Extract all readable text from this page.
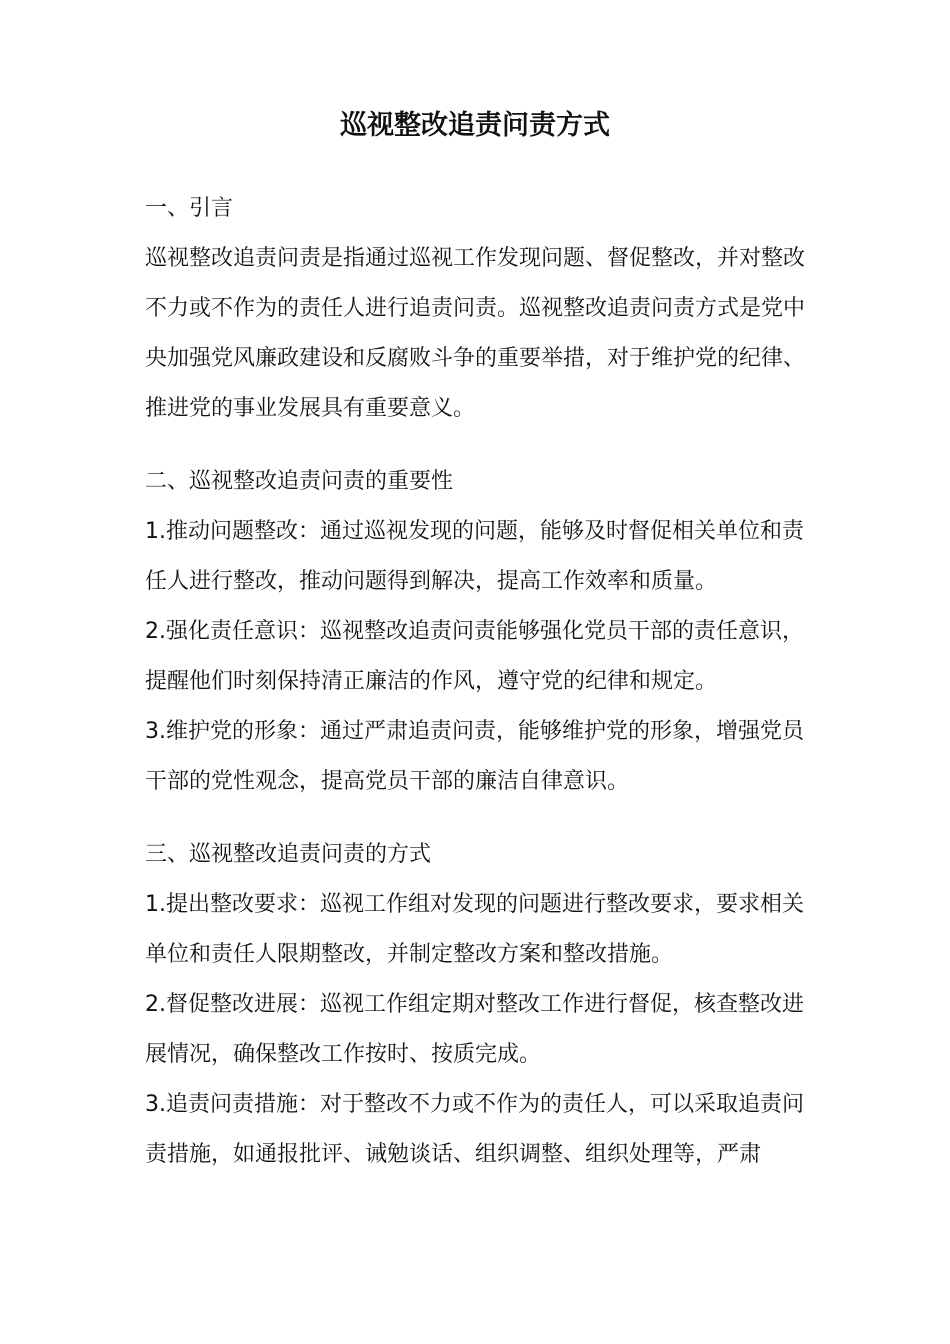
巡视整改追责问责方式

一、引言

巡视整改追责问责是指通过巡视工作发现问题、督促整改，并对整改不力或不作为的责任人进行追责问责。巡视整改追责问责方式是党中央加强党风廉政建设和反腐败斗争的重要举措，对于维护党的纪律、推进党的事业发展具有重要意义。

二、巡视整改追责问责的重要性

1.推动问题整改：通过巡视发现的问题，能够及时督促相关单位和责任人进行整改，推动问题得到解决，提高工作效率和质量。

2.强化责任意识：巡视整改追责问责能够强化党员干部的责任意识，提醒他们时刻保持清正廉洁的作风，遵守党的纪律和规定。

3.维护党的形象：通过严肃追责问责，能够维护党的形象，增强党员干部的党性观念，提高党员干部的廉洁自律意识。

三、巡视整改追责问责的方式

1.提出整改要求：巡视工作组对发现的问题进行整改要求，要求相关单位和责任人限期整改，并制定整改方案和整改措施。

2.督促整改进展：巡视工作组定期对整改工作进行督促，核查整改进展情况，确保整改工作按时、按质完成。

3.追责问责措施：对于整改不力或不作为的责任人，可以采取追责问责措施，如通报批评、诫勉谈话、组织调整、组织处理等，严肃
